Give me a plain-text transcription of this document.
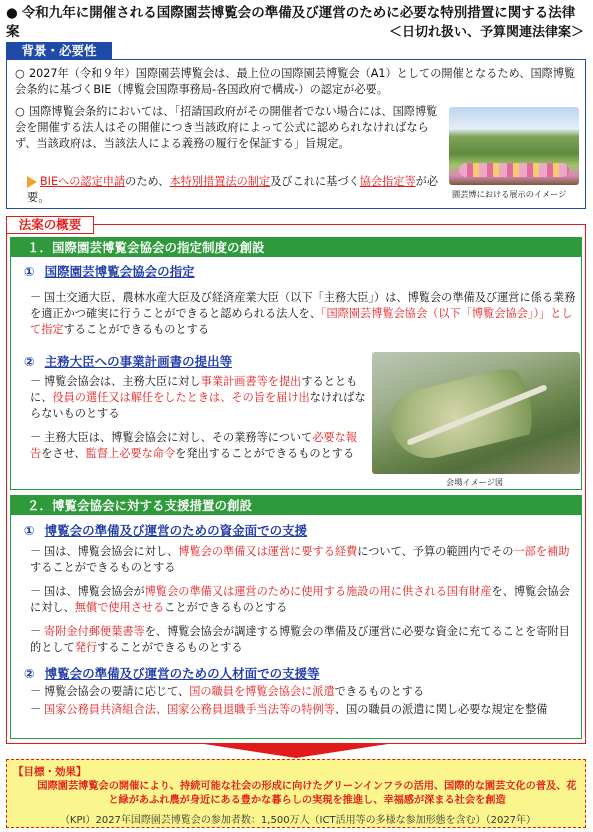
● 令和九年に開催される国際園芸博覧会の準備及び運営のために必要な特別措置に関する法律案	＜日切れ扱い、予算関連法律案＞
背景・必要性

○ 2027年（令和９年）国際園芸博覧会は、最上位の国際園芸博覧会（A1）としての開催となるため、国際博覧会条約に基づくBIE（博覧会国際事務局-各国政府で構成-）の認定が必要。

○ 国際博覧会条約においては、「招請国政府がその開催者でない場合には、国際博覧会を開催する法人はその開催につき当該政府によって公式に認められなければならず、当該政府は、当該法人による義務の履行を保証する」旨規定。

BIEへの認定申請のため、本特別措置法の制定及びこれに基づく協会指定等が必要。	園芸博における展示のイメージ
法案の概要
１．国際園芸博覧会協会の指定制度の創設
① 国際園芸博覧会協会の指定
－ 国土交通大臣、農林水産大臣及び経済産業大臣（以下「主務大臣」）は、博覧会の準備及び運営に係る業務を適正かつ確実に行うことができると認められる法人を、「国際園芸博覧会協会（以下「博覧会協会」）」として指定することができるものとする
② 主務大臣への事業計画書の提出等
－ 博覧会協会は、主務大臣に対し事業計画書等を提出するとともに、役員の選任又は解任をしたときは、その旨を届け出なければならないものとする
－ 主務大臣は、博覧会協会に対し、その業務等について必要な報告をさせ、監督上必要な命令を発出することができるものとする
会場イメージ図
２．博覧会協会に対する支援措置の創設
① 博覧会の準備及び運営のための資金面での支援
－ 国は、博覧会協会に対し、博覧会の準備又は運営に要する経費について、予算の範囲内でその一部を補助することができるものとする
－ 国は、博覧会協会が博覧会の準備又は運営のために使用する施設の用に供される国有財産を、博覧会協会に対し、無償で使用させることができるものとする
－ 寄附金付郵便葉書等を、博覧会協会が調達する博覧会の準備及び運営に必要な資金に充てることを寄附目的として発行することができるものとする
② 博覧会の準備及び運営のための人材面での支援等
－ 博覧会協会の要請に応じて、国の職員を博覧会協会に派遣できるものとする
－ 国家公務員共済組合法、国家公務員退職手当法等の特例等、国の職員の派遣に関し必要な規定を整備
【目標・効果】
国際園芸博覧会の開催により、持続可能な社会の形成に向けたグリーンインフラの活用、国際的な園芸文化の普及、花と緑があふれ農が身近にある豊かな暮らしの実現を推進し、幸福感が深まる社会を創造
（KPI）2027年国際園芸博覧会の参加者数：1,500万人（ICT活用等の多様な参加形態を含む）（2027年）
